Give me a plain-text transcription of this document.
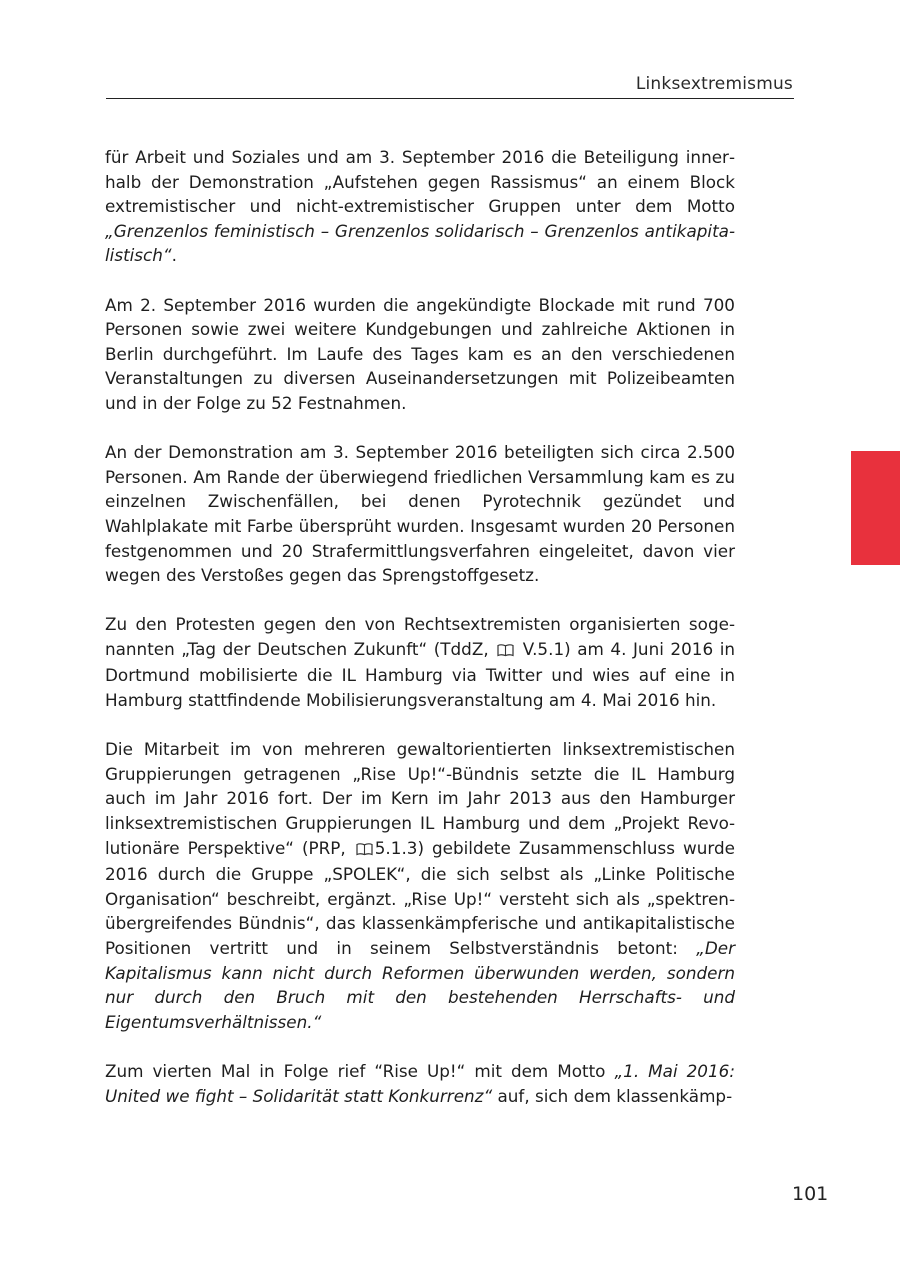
Linksextremismus

für Arbeit und Soziales und am 3. September 2016 die Beteiligung innerhalb der Demonstration „Aufstehen gegen Rassismus“ an einem Block extremistischer und nicht-extremistischer Gruppen unter dem Motto „Grenzenlos feministisch – Grenzenlos solidarisch – Grenzenlos antikapitalistisch“.

Am 2. September 2016 wurden die angekündigte Blockade mit rund 700 Personen sowie zwei weitere Kundgebungen und zahlreiche Aktionen in Berlin durchgeführt. Im Laufe des Tages kam es an den verschiedenen Veranstaltungen zu diversen Auseinandersetzungen mit Polizeibeamten und in der Folge zu 52 Festnahmen.

An der Demonstration am 3. September 2016 beteiligten sich circa 2.500 Personen. Am Rande der überwiegend friedlichen Versammlung kam es zu einzelnen Zwischenfällen, bei denen Pyrotechnik gezündet und Wahlplakate mit Farbe übersprüht wurden. Insgesamt wurden 20 Personen festgenommen und 20 Strafermittlungsverfahren eingeleitet, davon vier wegen des Verstoßes gegen das Sprengstoffgesetz.

Zu den Protesten gegen den von Rechtsextremisten organisierten sogenannten „Tag der Deutschen Zukunft“ (TddZ,  V.5.1) am 4. Juni 2016 in Dortmund mobilisierte die IL Hamburg via Twitter und wies auf eine in Hamburg stattfindende Mobilisierungsveranstaltung am 4. Mai 2016 hin.

Die Mitarbeit im von mehreren gewaltorientierten linksextremistischen Gruppierungen getragenen „Rise Up!“-Bündnis setzte die IL Hamburg auch im Jahr 2016 fort. Der im Kern im Jahr 2013 aus den Hamburger linksextremistischen Gruppierungen IL Hamburg und dem „Projekt Revolutionäre Perspektive“ (PRP, 5.1.3) gebildete Zusammenschluss wurde 2016 durch die Gruppe „SPOLEK“, die sich selbst als „Linke Politische Organisation“ beschreibt, ergänzt. „Rise Up!“ versteht sich als „spektrenübergreifendes Bündnis“, das klassenkämpferische und antikapitalistische Positionen vertritt und in seinem Selbstverständnis betont: „Der Kapitalismus kann nicht durch Reformen überwunden werden, sondern nur durch den Bruch mit den bestehenden Herrschafts- und Eigentumsverhältnissen.“

Zum vierten Mal in Folge rief “Rise Up!“ mit dem Motto „1. Mai 2016: United we fight – Solidarität statt Konkurrenz“ auf, sich dem klassenkämp-

101
